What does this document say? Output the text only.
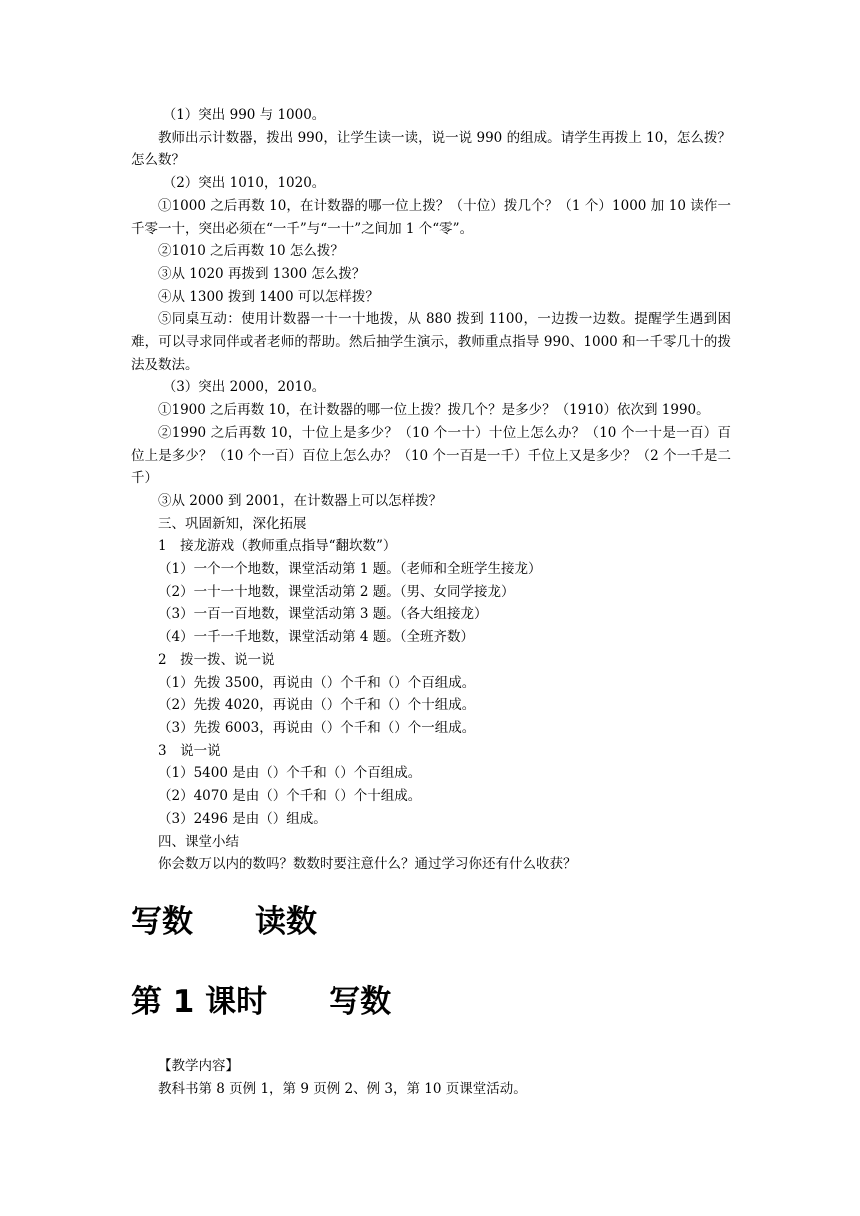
（1）突出 990 与 1000。

教师出示计数器，拨出 990，让学生读一读，说一说 990 的组成。请学生再拨上 10，怎么拨？怎么数？

（2）突出 1010，1020。

①1000 之后再数 10，在计数器的哪一位上拨？（十位）拨几个？（1 个）1000 加 10 读作一千零一十，突出必须在“一千”与“一十”之间加 1 个“零”。

②1010 之后再数 10 怎么拨？

③从 1020 再拨到 1300 怎么拨？

④从 1300 拨到 1400 可以怎样拨？

⑤同桌互动：使用计数器一十一十地拨，从 880 拨到 1100，一边拨一边数。提醒学生遇到困难，可以寻求同伴或者老师的帮助。然后抽学生演示，教师重点指导 990、1000 和一千零几十的拨法及数法。

（3）突出 2000，2010。

①1900 之后再数 10，在计数器的哪一位上拨？拨几个？是多少？（1910）依次到 1990。

②1990 之后再数 10，十位上是多少？（10 个一十）十位上怎么办？（10 个一十是一百）百位上是多少？（10 个一百）百位上怎么办？（10 个一百是一千）千位上又是多少？（2 个一千是二千）

③从 2000 到 2001，在计数器上可以怎样拨？

三、巩固新知，深化拓展

1　接龙游戏（教师重点指导“翻坎数”）

（1）一个一个地数，课堂活动第 1 题。（老师和全班学生接龙）

（2）一十一十地数，课堂活动第 2 题。（男、女同学接龙）

（3）一百一百地数，课堂活动第 3 题。（各大组接龙）

（4）一千一千地数，课堂活动第 4 题。（全班齐数）

2　拨一拨、说一说

（1）先拨 3500，再说由（）个千和（）个百组成。

（2）先拨 4020，再说由（）个千和（）个十组成。

（3）先拨 6003，再说由（）个千和（）个一组成。

3　说一说

（1）5400 是由（）个千和（）个百组成。

（2）4070 是由（）个千和（）个十组成。

（3）2496 是由（）组成。

四、课堂小结

你会数万以内的数吗？数数时要注意什么？通过学习你还有什么收获？

写数　　读数
第 1 课时　　写数

【教学内容】

教科书第 8 页例 1，第 9 页例 2、例 3，第 10 页课堂活动。
